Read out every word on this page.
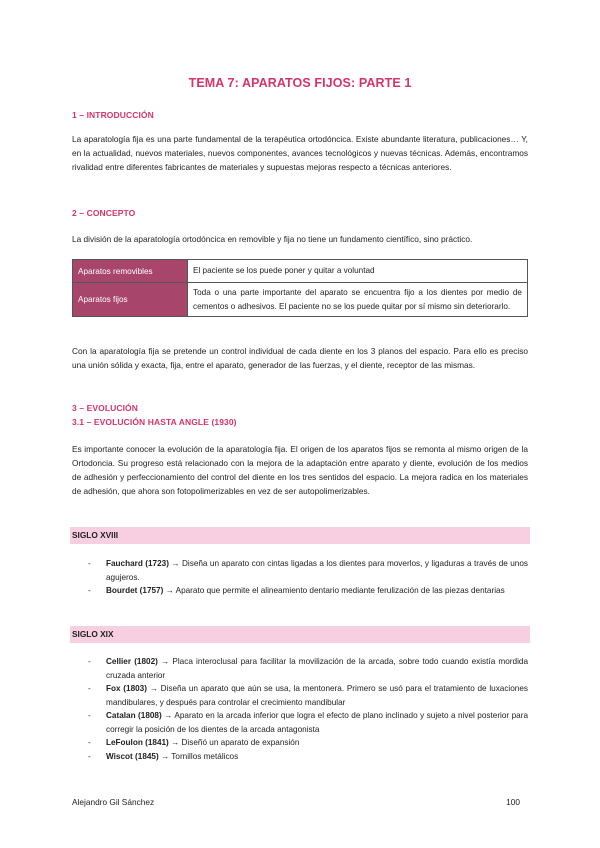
TEMA 7: APARATOS FIJOS: PARTE 1
1 – INTRODUCCIÓN
La aparatología fija es una parte fundamental de la terapéutica ortodóncica. Existe abundante literatura, publicaciones… Y, en la actualidad, nuevos materiales, nuevos componentes, avances tecnológicos y nuevas técnicas. Además, encontramos rivalidad entre diferentes fabricantes de materiales y supuestas mejoras respecto a técnicas anteriores.
2 – CONCEPTO
La división de la aparatología ortodóncica en removible y fija no tiene un fundamento científico, sino práctico.
Aparatos removibles	El paciente se los puede poner y quitar a voluntad
Aparatos fijos	Toda o una parte importante del aparato se encuentra fijo a los dientes por medio de cementos o adhesivos. El paciente no se los puede quitar por sí mismo sin deteriorarlo.
Con la aparatología fija se pretende un control individual de cada diente en los 3 planos del espacio. Para ello es preciso una unión sólida y exacta, fija, entre el aparato, generador de las fuerzas, y el diente, receptor de las mismas.
3 – EVOLUCIÓN
3.1 – EVOLUCIÓN HASTA ANGLE (1930)
Es importante conocer la evolución de la aparatología fija. El origen de los aparatos fijos se remonta al mismo origen de la Ortodoncia. Su progreso está relacionado con la mejora de la adaptación entre aparato y diente, evolución de los medios de adhesión y perfeccionamiento del control del diente en los tres sentidos del espacio. La mejora radica en los materiales de adhesión, que ahora son fotopolimerizables en vez de ser autopolimerizables.
SIGLO XVIII
- Fauchard (1723) → Diseña un aparato con cintas ligadas a los dientes para moverlos, y ligaduras a través de unos agujeros.
- Bourdet (1757) → Aparato que permite el alineamiento dentario mediante ferulización de las piezas dentarias
SIGLO XIX
- Cellier (1802) → Placa interoclusal para facilitar la movilización de la arcada, sobre todo cuando existía mordida cruzada anterior
- Fox (1803) → Diseña un aparato que aún se usa, la mentonera. Primero se usó para el tratamiento de luxaciones mandibulares, y después para controlar el crecimiento mandibular
- Catalan (1808) → Aparato en la arcada inferior que logra el efecto de plano inclinado y sujeto a nivel posterior para corregir la posición de los dientes de la arcada antagonista
- LeFoulon (1841) → Diseñó un aparato de expansión
- Wiscot (1845) → Tornillos metálicos
Alejandro Gil Sánchez	100
